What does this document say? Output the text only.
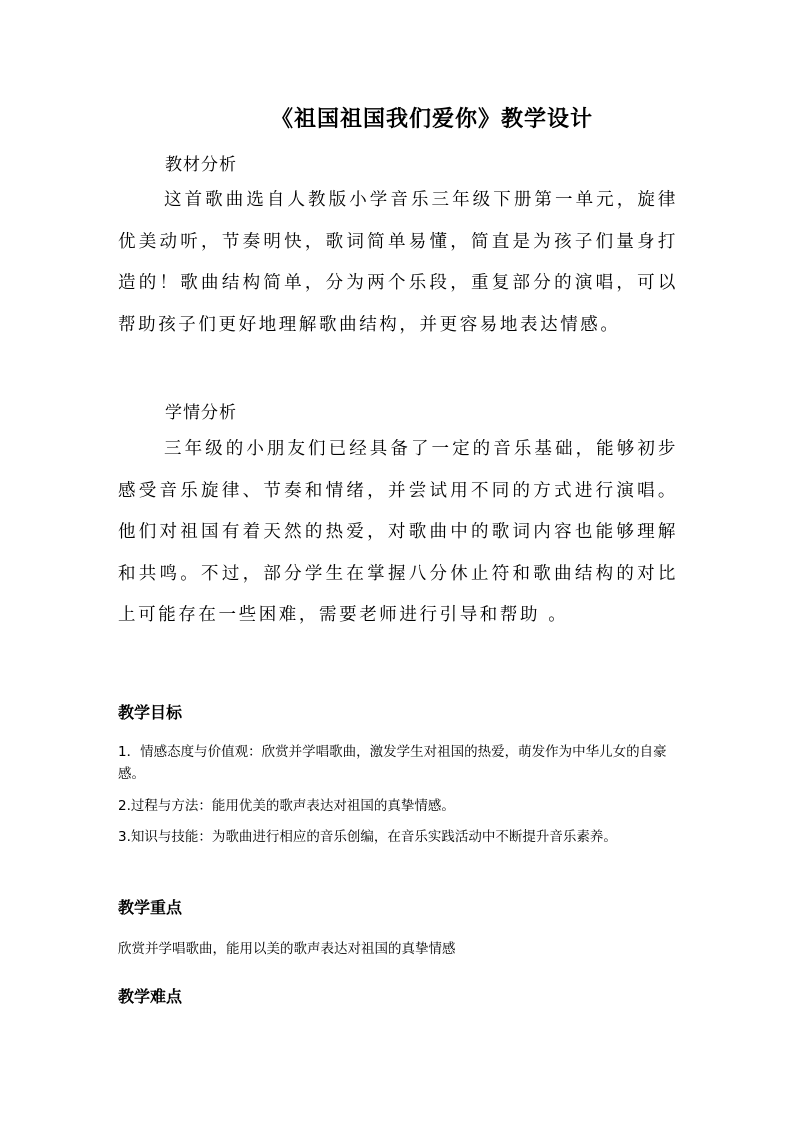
《祖国祖国我们爱你》教学设计
教材分析

这首歌曲选自人教版小学音乐三年级下册第一单元，旋律优美动听，节奏明快，歌词简单易懂，简直是为孩子们量身打造的！歌曲结构简单，分为两个乐段，重复部分的演唱，可以帮助孩子们更好地理解歌曲结构，并更容易地表达情感。

学情分析

三年级的小朋友们已经具备了一定的音乐基础，能够初步感受音乐旋律、节奏和情绪，并尝试用不同的方式进行演唱。他们对祖国有着天然的热爱，对歌曲中的歌词内容也能够理解和共鸣。不过，部分学生在掌握八分休止符和歌曲结构的对比上可能存在一些困难，需要老师进行引导和帮助 。

教学目标

1．情感态度与价值观：欣赏并学唱歌曲，激发学生对祖国的热爱，萌发作为中华儿女的自豪感。

2.过程与方法：能用优美的歌声表达对祖国的真挚情感。

3.知识与技能：为歌曲进行相应的音乐创编，在音乐实践活动中不断提升音乐素养。

教学重点

欣赏并学唱歌曲，能用以美的歌声表达对祖国的真挚情感

教学难点
